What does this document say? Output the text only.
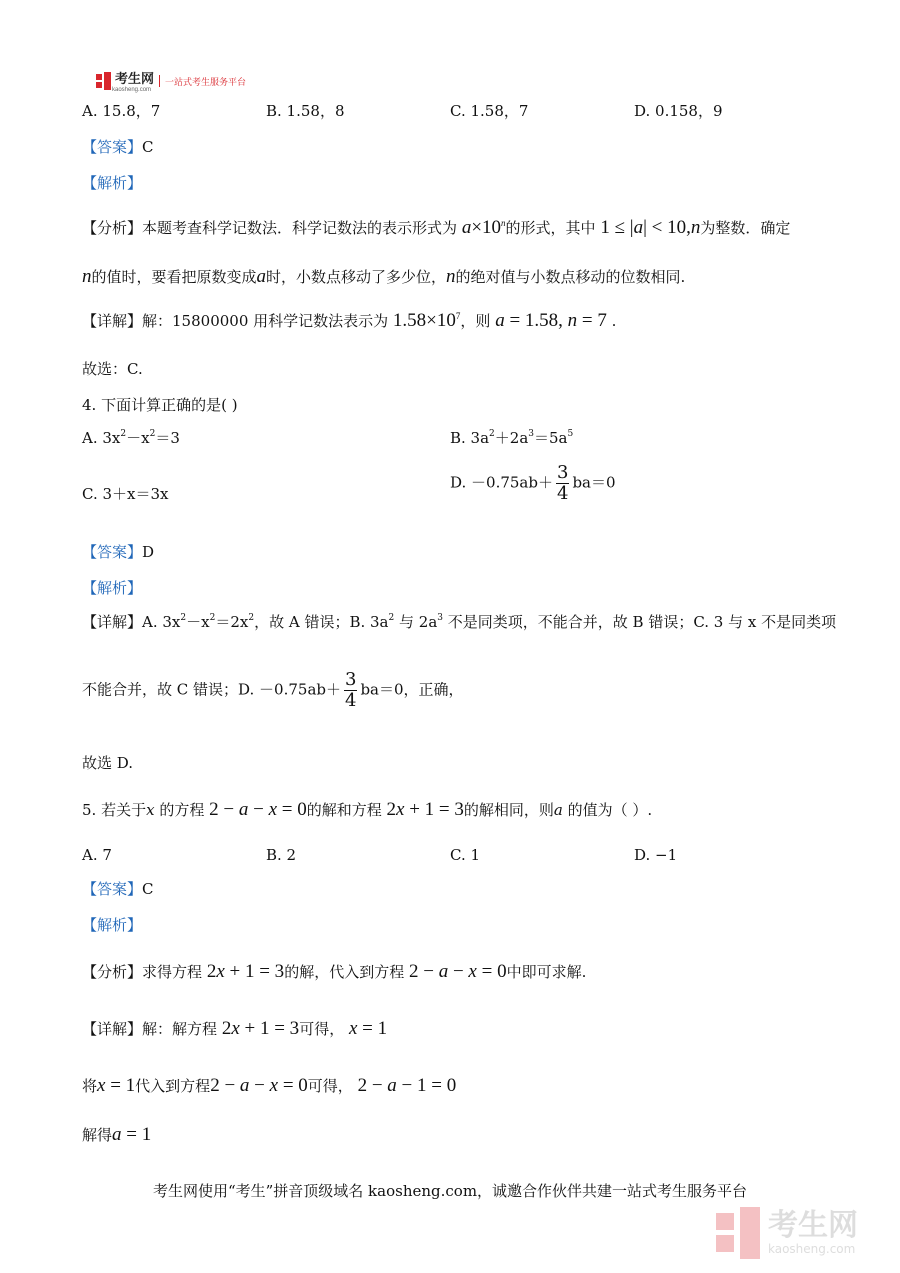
考生网
kaosheng.com
一站式考生服务平台
A. 15.8，7	B. 1.58，8	C. 1.58，7	D. 0.158，9
【答案】C
【解析】
【分析】本题考查科学记数法．科学记数法的表示形式为 $a\times 10^n$的形式，其中 1 ≤ |a| < 10,n为整数．确定
n的值时，要看把原数变成a时，小数点移动了多少位，n的绝对值与小数点移动的位数相同.
【详解】解：15800000 用科学记数法表示为 $1.58\times 10^7$，则 a = 1.58, n = 7 .
故选：C.
4. 下面计算正确的是( )
A. $3x^2-x^2=3$	B. $3a^2+2a^3=5a^5$
C. 3＋x＝3x
D. $-0.75ab+ \frac{3}{4} ba=0$
【答案】D
【解析】
【详解】A. $3x^2-x^2=2x^2$，故 A 错误；B. $3a^2$ 与 $2a^3$ 不是同类项，不能合并，故 B 错误；C. 3 与 x 不是同类项
不能合并，故 C 错误；D. $-0.75ab+ \frac{3}{4} ba=0$，正确，
故选 D.
5. 若关于x 的方程 2 − a − x = 0的解和方程 2x + 1 = 3的解相同，则a 的值为（ ）.
A. 7	B. 2	C. 1	D. −1
【答案】C
【解析】
【分析】求得方程 2x + 1 = 3的解，代入到方程 2 − a − x = 0中即可求解.
【详解】解：解方程 2x + 1 = 3可得， x = 1
将x = 1代入到方程2 − a − x = 0可得， 2 − a − 1 = 0
解得a = 1
考生网使用“考生”拼音顶级域名 kaosheng.com，诚邀合作伙伴共建一站式考生服务平台
考生网
kaosheng.com
